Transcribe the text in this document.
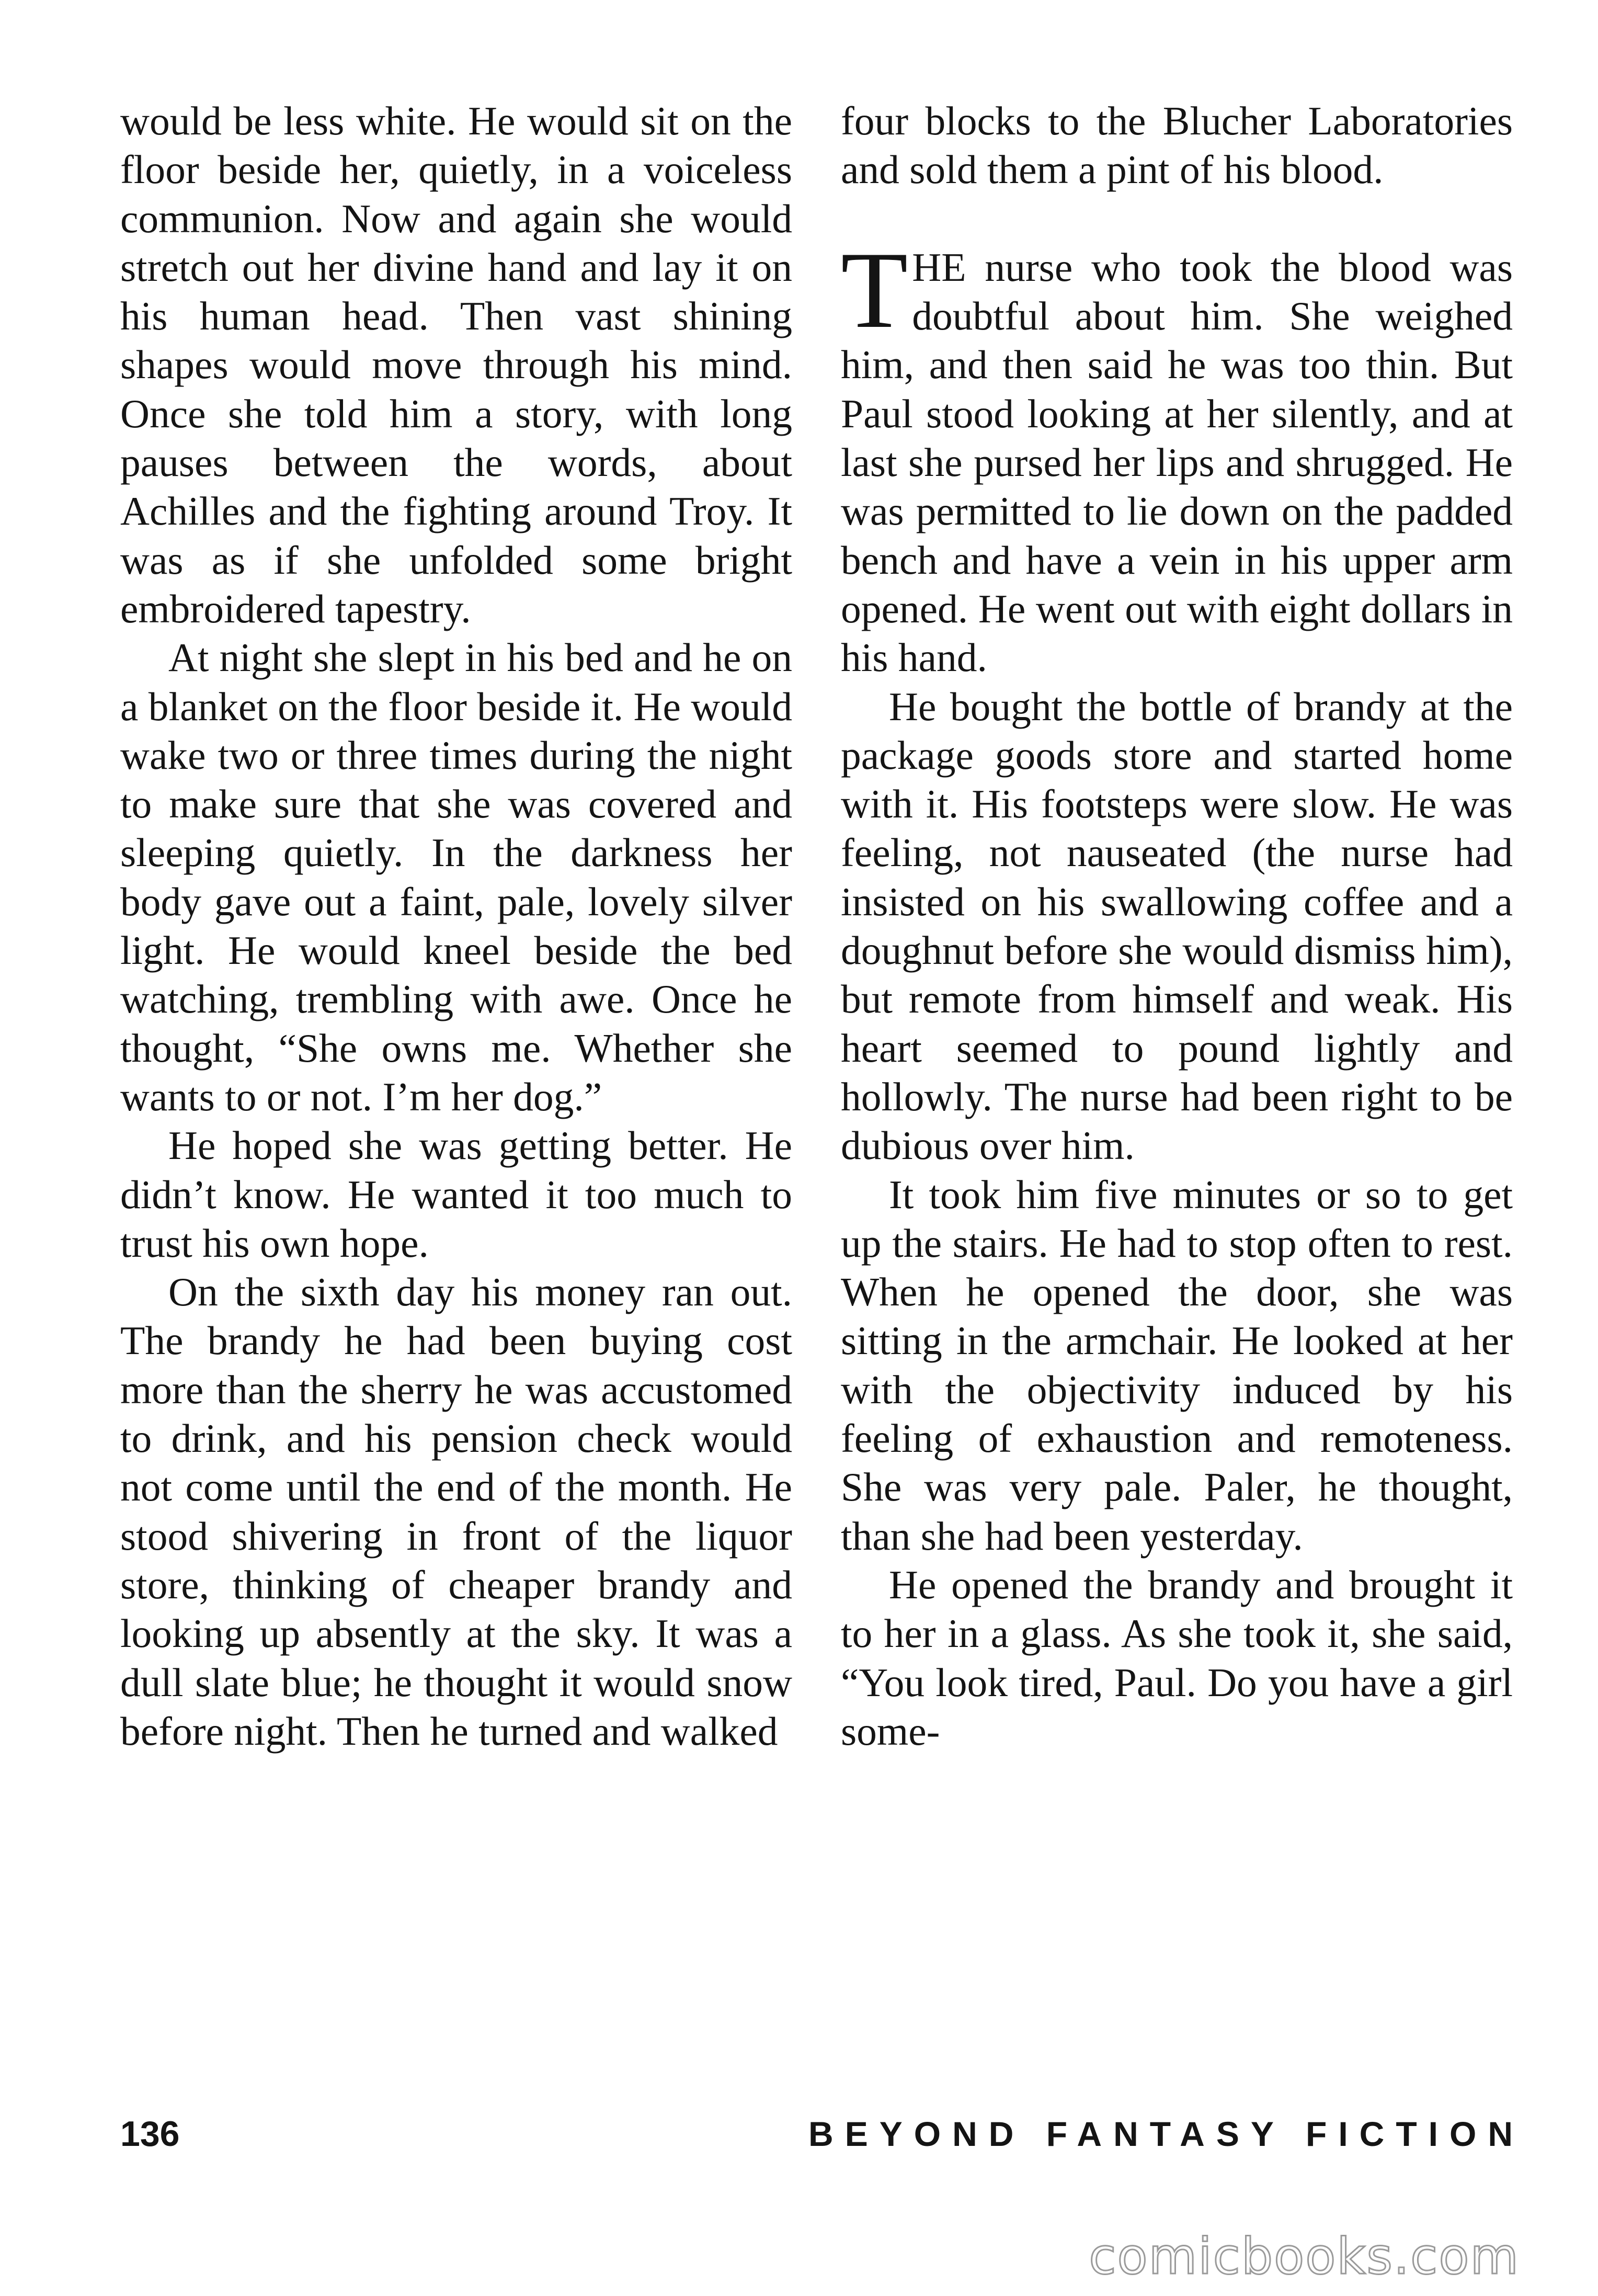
would be less white. He would sit on the floor beside her, quietly, in a voiceless communion. Now and again she would stretch out her divine hand and lay it on his human head. Then vast shining shapes would move through his mind. Once she told him a story, with long pauses between the words, about Achilles and the fighting around Troy. It was as if she unfolded some bright embroidered tapestry.

At night she slept in his bed and he on a blanket on the floor beside it. He would wake two or three times during the night to make sure that she was covered and sleeping quietly. In the darkness her body gave out a faint, pale, lovely silver light. He would kneel beside the bed watching, trembling with awe. Once he thought, “She owns me. Whether she wants to or not. I’m her dog.”

He hoped she was getting better. He didn’t know. He wanted it too much to trust his own hope.

On the sixth day his money ran out. The brandy he had been buying cost more than the sherry he was accustomed to drink, and his pension check would not come until the end of the month. He stood shivering in front of the liquor store, thinking of cheaper brandy and looking up absently at the sky. It was a dull slate blue; he thought it would snow before night. Then he turned and walked

four blocks to the Blucher Laboratories and sold them a pint of his blood.

THE nurse who took the blood was doubtful about him. She weighed him, and then said he was too thin. But Paul stood looking at her silently, and at last she pursed her lips and shrugged. He was permitted to lie down on the padded bench and have a vein in his upper arm opened. He went out with eight dollars in his hand.

He bought the bottle of brandy at the package goods store and started home with it. His footsteps were slow. He was feeling, not nauseated (the nurse had insisted on his swallowing coffee and a doughnut before she would dismiss him), but remote from himself and weak. His heart seemed to pound lightly and hollowly. The nurse had been right to be dubious over him.

It took him five minutes or so to get up the stairs. He had to stop often to rest. When he opened the door, she was sitting in the armchair. He looked at her with the objectivity induced by his feeling of exhaustion and remoteness. She was very pale. Paler, he thought, than she had been yesterday.

He opened the brandy and brought it to her in a glass. As she took it, she said, “You look tired, Paul. Do you have a girl some-

136	BEYOND FANTASY FICTION
comicbooks.com
